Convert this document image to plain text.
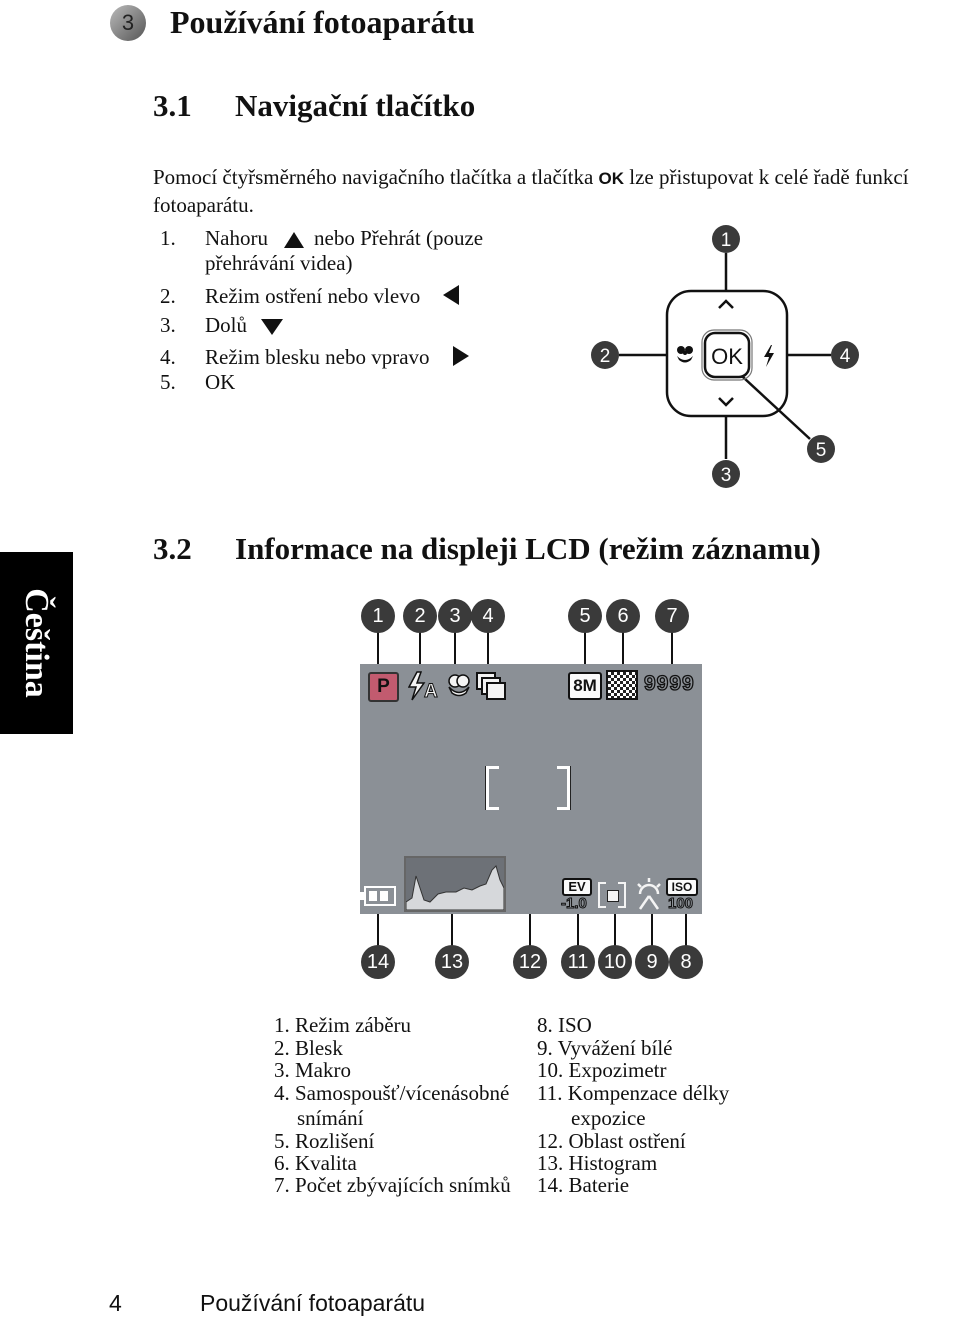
3	Používání fotoaparátu
3.1 Navigační tlačítko
Pomocí čtyřsměrného navigačního tlačítka a tlačítka OK lze přistupovat k celé řadě funkcí
fotoaparátu.
1. Nahoru nebo Přehrát (pouze
přehrávání videa)
2. Režim ostření nebo vlevo
3. Dolů
4. Režim blesku nebo vpravo
5. OK
OK
1
2
3
4
5
Čeština
3.2 Informace na displeji LCD (režim záznamu)
P	A	8M 9999
EV
-1.0
ISO
100
1	2	3	4	5	6	7
14	13	12	11 10	9	8
1. Režim záběru
2. Blesk
3. Makro
4. Samospoušť/vícenásobné
snímání
5. Rozlišení
6. Kvalita
7. Počet zbývajících snímků
8. ISO
9. Vyvážení bílé
10. Expozimetr
11. Kompenzace délky
expozice
12. Oblast ostření
13. Histogram
14. Baterie
4	Používání fotoaparátu
